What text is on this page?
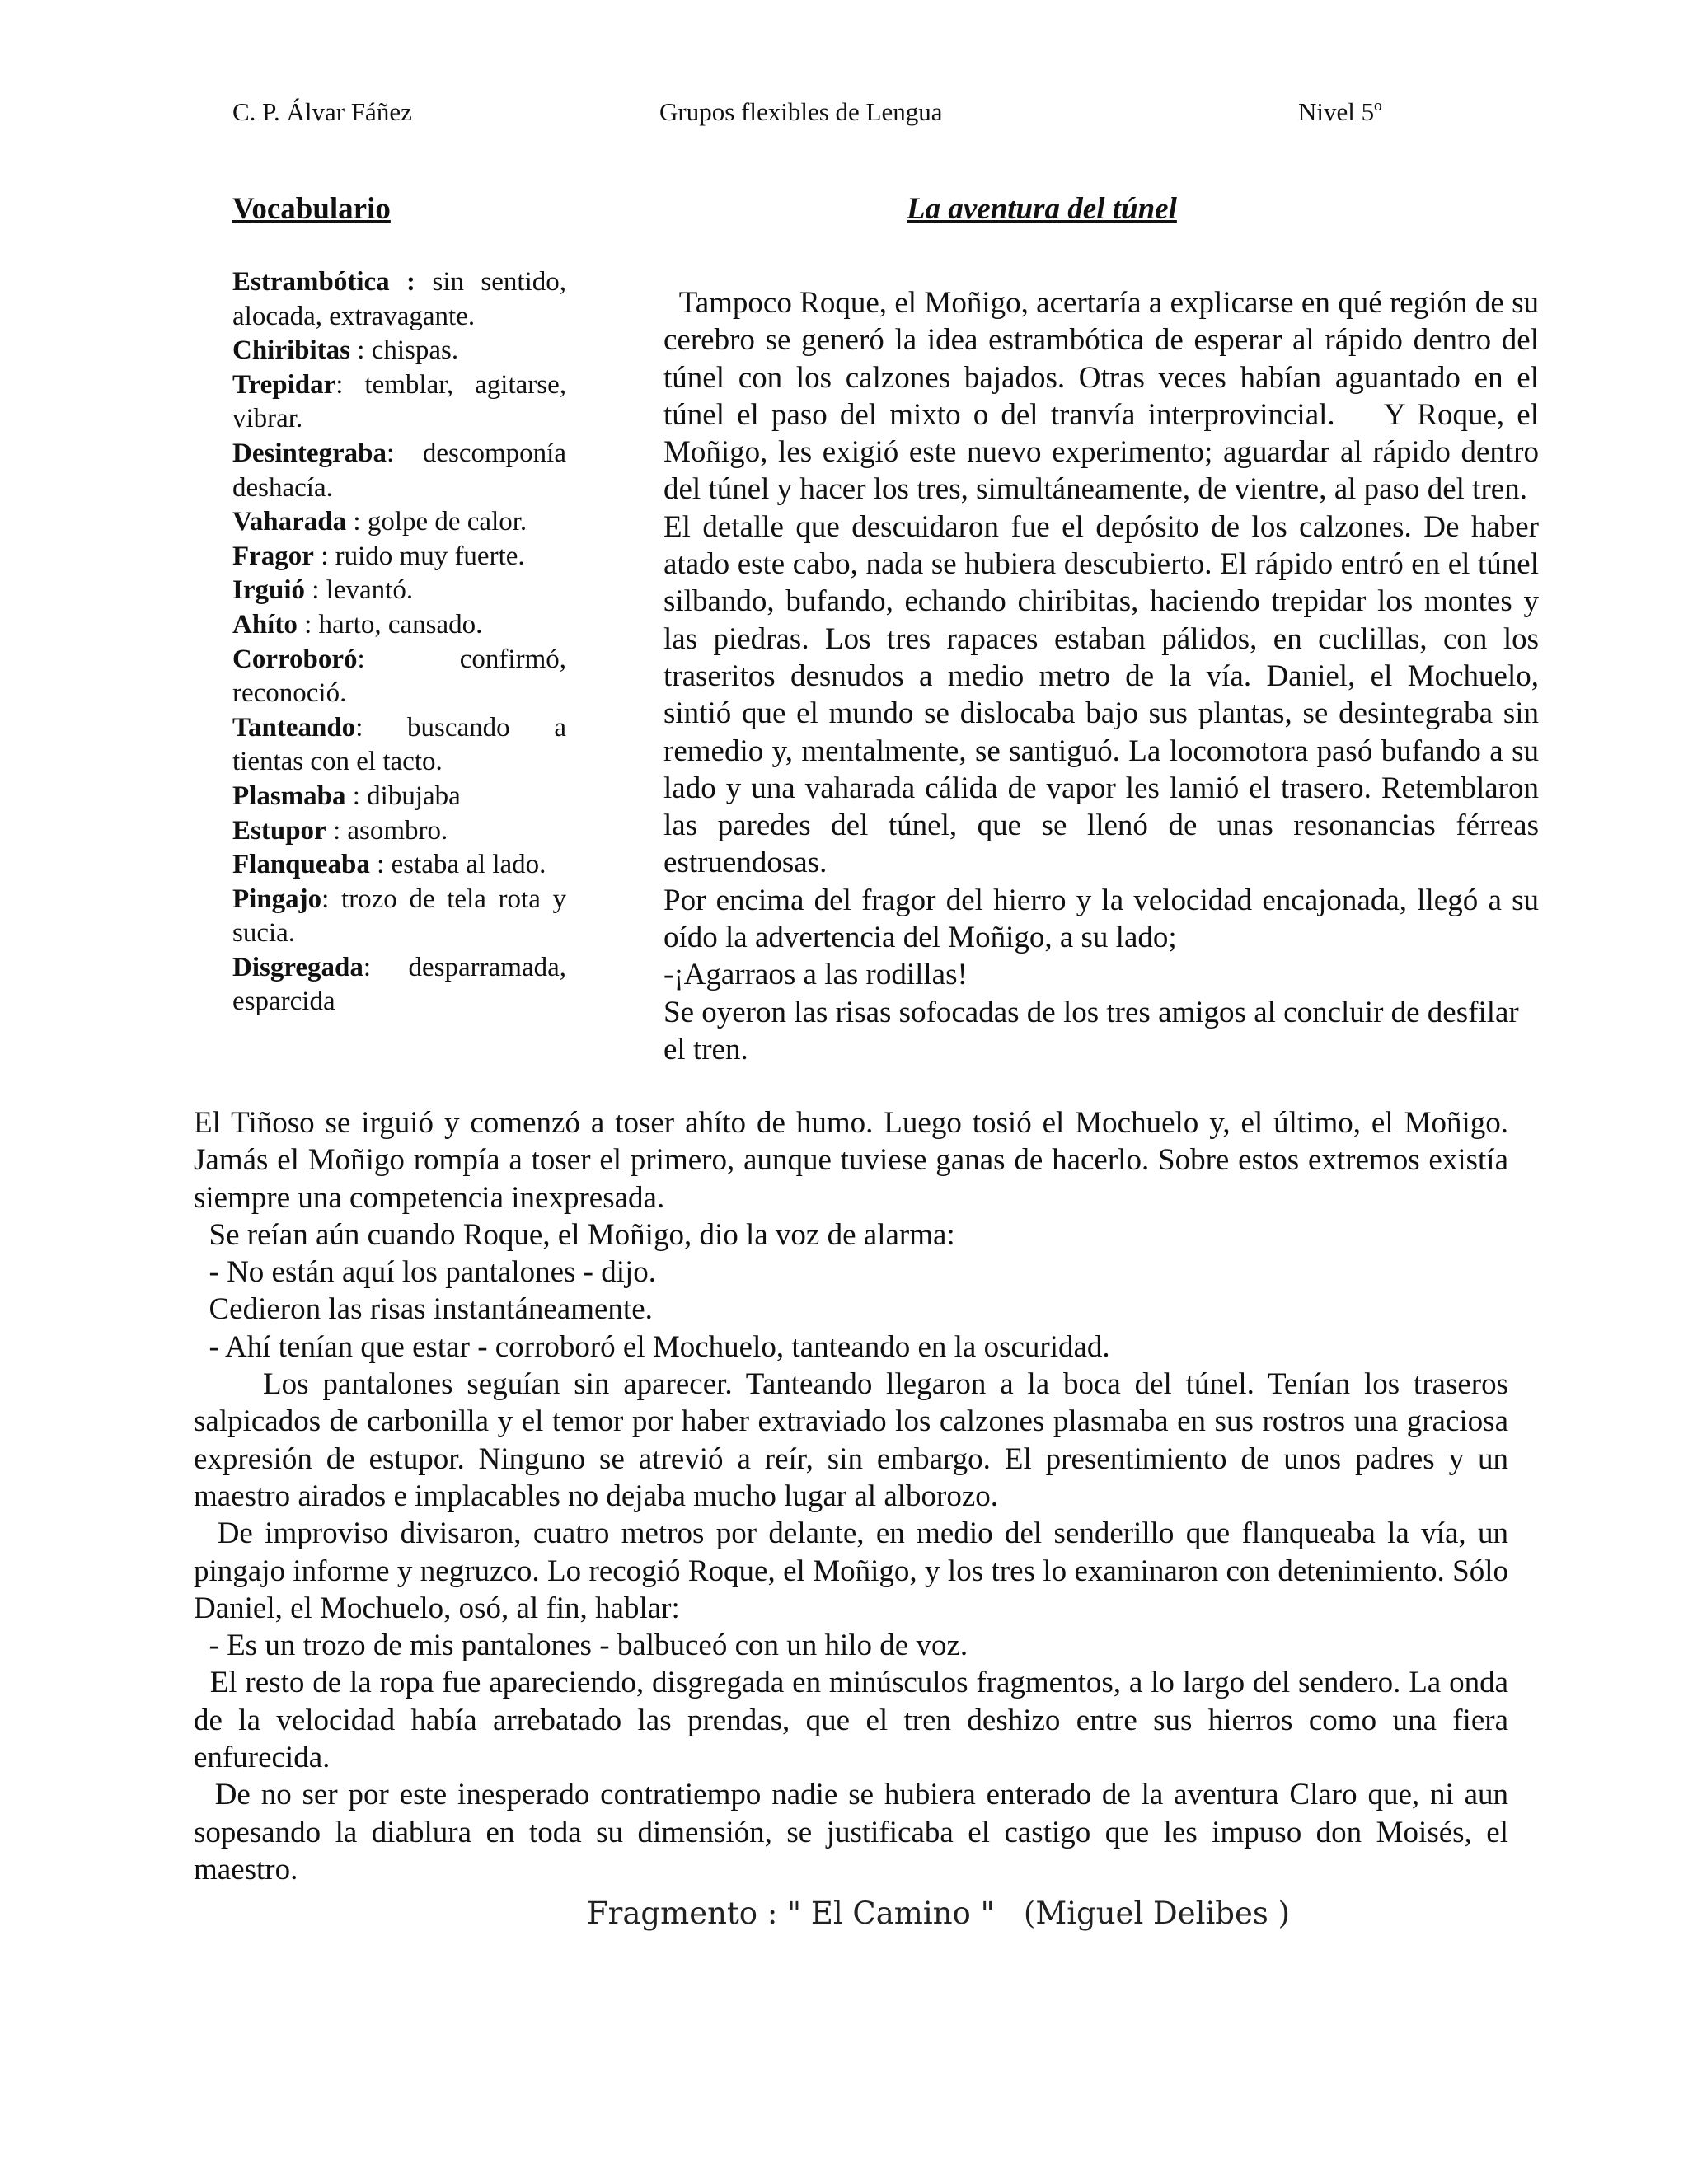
C. P. Álvar Fáñez	Grupos flexibles de Lengua	Nivel 5º
Vocabulario	La aventura del túnel
Estrambótica : sin sentido, alocada, extravagante.
Chiribitas : chispas.
Trepidar: temblar, agitarse, vibrar.
Desintegraba: descomponía deshacía.
Vaharada : golpe de calor.
Fragor : ruido muy fuerte.
Irguió : levantó.
Ahíto : harto, cansado.
Corroboró: confirmó, reconoció.
Tanteando: buscando a tientas con el tacto.
Plasmaba : dibujaba
Estupor : asombro.
Flanqueaba : estaba al lado.
Pingajo: trozo de tela rota y sucia.
Disgregada: desparramada, esparcida

Tampoco Roque, el Moñigo, acertaría a explicarse en qué región de su cerebro se generó la idea estrambótica de esperar al rápido dentro del túnel con los calzones bajados. Otras veces habían aguantado en el túnel el paso del mixto o del tranvía interprovincial.    Y Roque, el Moñigo, les exigió este nuevo experimento; aguardar al rápido dentro del túnel y hacer los tres, simultáneamente, de vientre, al paso del tren.

El detalle que descuidaron fue el depósito de los calzones. De haber atado este cabo, nada se hubiera descubierto. El rápido entró en el túnel silbando, bufando, echando chiribitas, haciendo trepidar los montes y las piedras. Los tres rapaces estaban pálidos, en cuclillas, con los traseritos desnudos a medio metro de la vía. Daniel, el Mochuelo, sintió que el mundo se dislocaba bajo sus plantas, se desintegraba sin remedio y, mentalmente, se santiguó. La locomotora pasó bufando a su lado y una vaharada cálida de vapor les lamió el trasero. Retemblaron las paredes del túnel, que se llenó de unas resonancias férreas estruendosas.

Por encima del fragor del hierro y la velocidad encajonada, llegó a su oído la advertencia del Moñigo, a su lado;

-¡Agarraos a las rodillas!

Se oyeron las risas sofocadas de los tres amigos al concluir de desfilar el tren.

El Tiñoso se irguió y comenzó a toser ahíto de humo. Luego tosió el Mochuelo y, el último, el Moñigo. Jamás el Moñigo rompía a toser el primero, aunque tuviese ganas de hacerlo. Sobre estos extremos existía siempre una competencia inexpresada.

Se reían aún cuando Roque, el Moñigo, dio la voz de alarma:

- No están aquí los pantalones - dijo.

Cedieron las risas instantáneamente.

- Ahí tenían que estar - corroboró el Mochuelo, tanteando en la oscuridad.

Los pantalones seguían sin aparecer. Tanteando llegaron a la boca del túnel. Tenían los traseros salpicados de carbonilla y el temor por haber extraviado los calzones plasmaba en sus rostros una graciosa expresión de estupor. Ninguno se atrevió a reír, sin embargo. El presentimiento de unos padres y un maestro airados e implacables no dejaba mucho lugar al alborozo.

De improviso divisaron, cuatro metros por delante, en medio del senderillo que flanqueaba la vía, un pingajo informe y negruzco. Lo recogió Roque, el Moñigo, y los tres lo examinaron con detenimiento. Sólo Daniel, el Mochuelo, osó, al fin, hablar:

- Es un trozo de mis pantalones - balbuceó con un hilo de voz.

El resto de la ropa fue apareciendo, disgregada en minúsculos fragmentos, a lo largo del sendero. La onda de la velocidad había arrebatado las prendas, que el tren deshizo entre sus hierros como una fiera enfurecida.

De no ser por este inesperado contratiempo nadie se hubiera enterado de la aventura Claro que, ni aun sopesando la diablura en toda su dimensión, se justificaba el castigo que les impuso don Moisés, el maestro.

Fragmento : " El Camino "   (Miguel Delibes )
